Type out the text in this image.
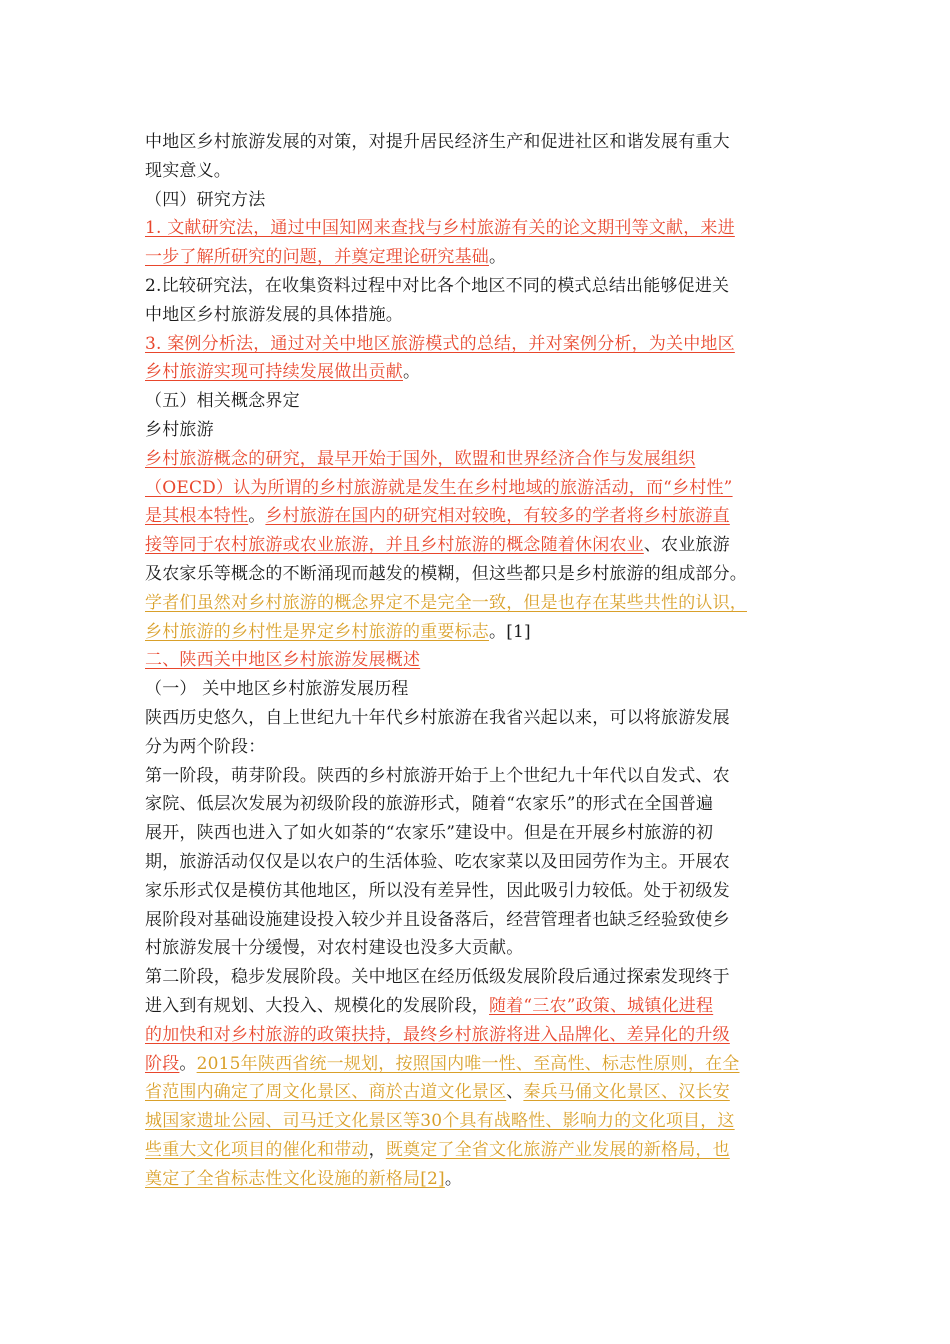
中地区乡村旅游发展的对策，对提升居民经济生产和促进社区和谐发展有重大
现实意义。
（四）研究方法
1. 文献研究法，通过中国知网来查找与乡村旅游有关的论文期刊等文献，来进
一步了解所研究的问题，并奠定理论研究基础。
2.比较研究法，在收集资料过程中对比各个地区不同的模式总结出能够促进关
中地区乡村旅游发展的具体措施。
3. 案例分析法，通过对关中地区旅游模式的总结，并对案例分析，为关中地区
乡村旅游实现可持续发展做出贡献。
（五）相关概念界定
乡村旅游
乡村旅游概念的研究，最早开始于国外，欧盟和世界经济合作与发展组织
（OECD）认为所谓的乡村旅游就是发生在乡村地域的旅游活动，而“乡村性”
是其根本特性。乡村旅游在国内的研究相对较晚，有较多的学者将乡村旅游直
接等同于农村旅游或农业旅游，并且乡村旅游的概念随着休闲农业、农业旅游
及农家乐等概念的不断涌现而越发的模糊，但这些都只是乡村旅游的组成部分。
学者们虽然对乡村旅游的概念界定不是完全一致，但是也存在某些共性的认识，
乡村旅游的乡村性是界定乡村旅游的重要标志。[1]
二、陕西关中地区乡村旅游发展概述
（一） 关中地区乡村旅游发展历程
陕西历史悠久，自上世纪九十年代乡村旅游在我省兴起以来，可以将旅游发展
分为两个阶段：
第一阶段，萌芽阶段。陕西的乡村旅游开始于上个世纪九十年代以自发式、农
家院、低层次发展为初级阶段的旅游形式，随着“农家乐”的形式在全国普遍
展开，陕西也进入了如火如荼的“农家乐”建设中。但是在开展乡村旅游的初
期，旅游活动仅仅是以农户的生活体验、吃农家菜以及田园劳作为主。开展农
家乐形式仅是模仿其他地区，所以没有差异性，因此吸引力较低。处于初级发
展阶段对基础设施建设投入较少并且设备落后，经营管理者也缺乏经验致使乡
村旅游发展十分缓慢，对农村建设也没多大贡献。
第二阶段，稳步发展阶段。关中地区在经历低级发展阶段后通过探索发现终于
进入到有规划、大投入、规模化的发展阶段，随着“三农”政策、城镇化进程
的加快和对乡村旅游的政策扶持，最终乡村旅游将进入品牌化、差异化的升级
阶段。2015年陕西省统一规划，按照国内唯一性、至高性、标志性原则，在全
省范围内确定了周文化景区、商於古道文化景区、秦兵马俑文化景区、汉长安
城国家遗址公园、司马迁文化景区等30个具有战略性、影响力的文化项目，这
些重大文化项目的催化和带动，既奠定了全省文化旅游产业发展的新格局，也
奠定了全省标志性文化设施的新格局[2]。
